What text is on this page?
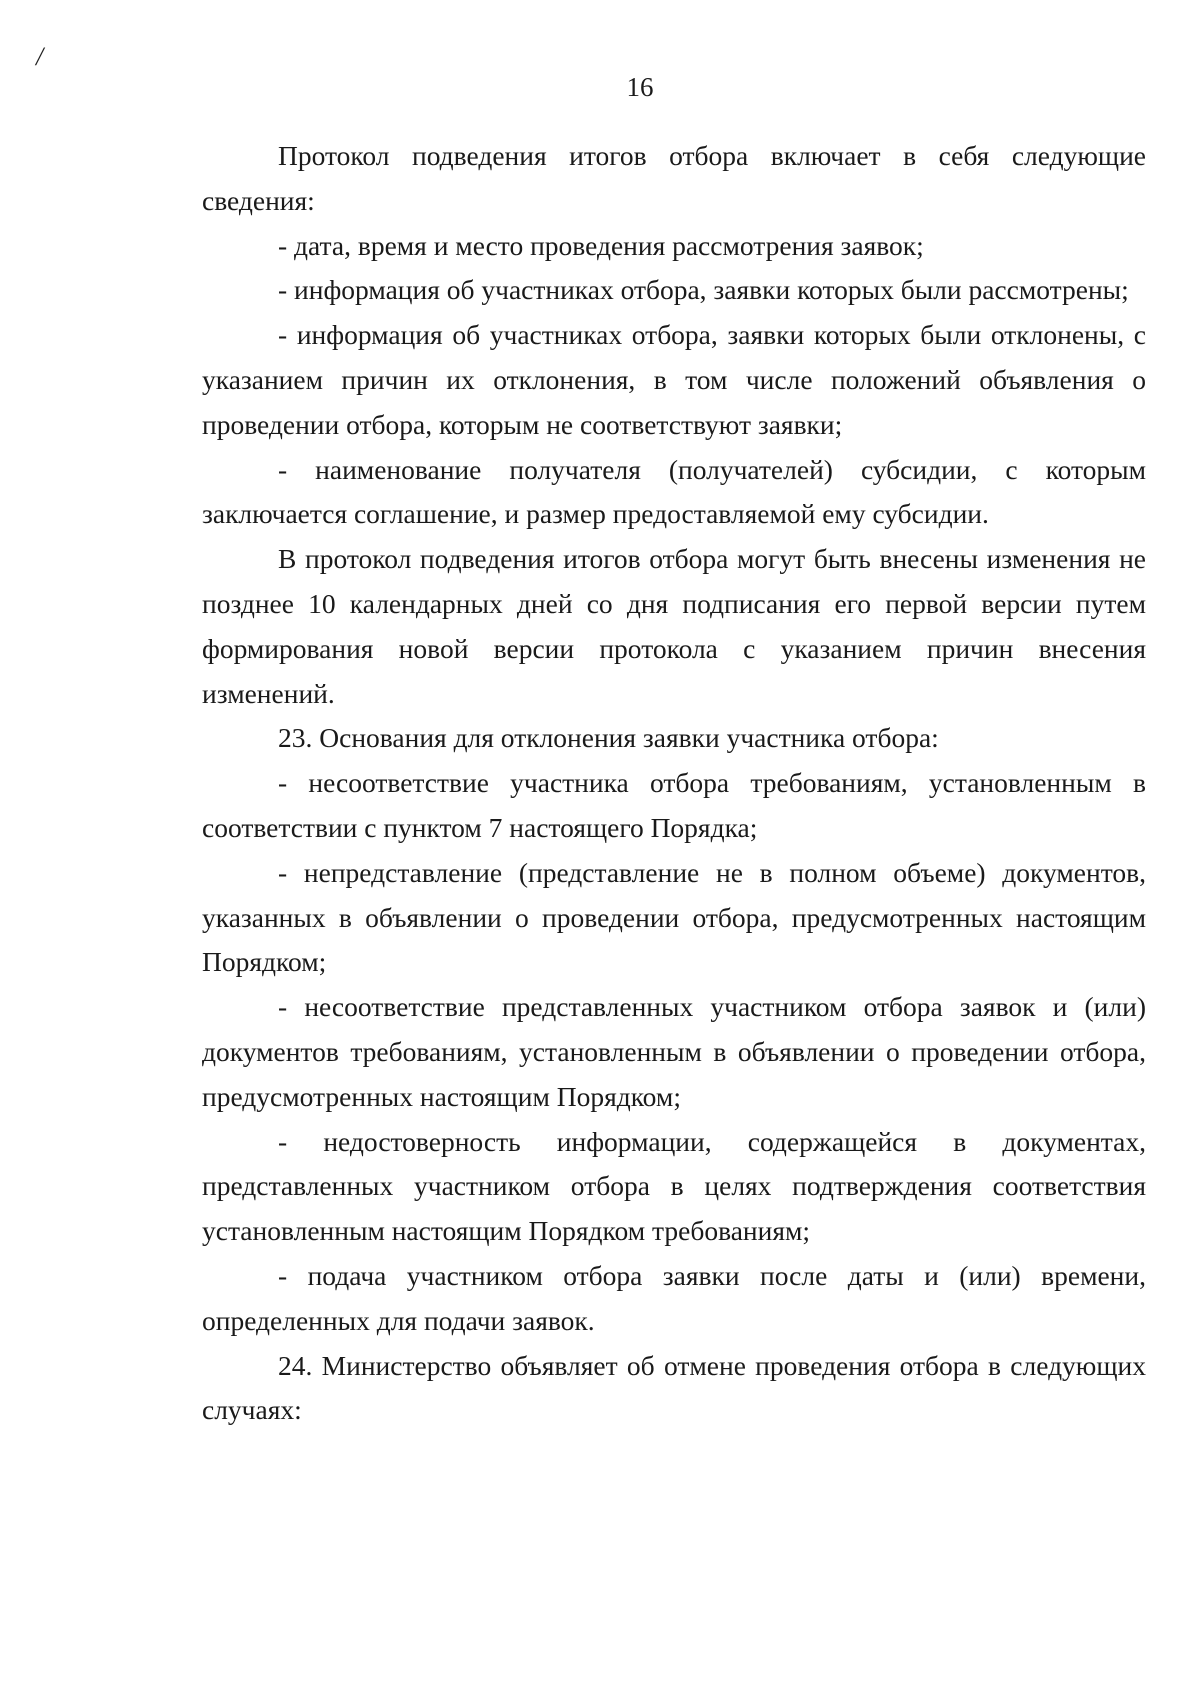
/
16

Протокол подведения итогов отбора включает в себя следующие сведения:

- дата, время и место проведения рассмотрения заявок;

- информация об участниках отбора, заявки которых были рассмотрены;

- информация об участниках отбора, заявки которых были отклонены, с указанием причин их отклонения, в том числе положений объявления о проведении отбора, которым не соответствуют заявки;

- наименование получателя (получателей) субсидии, с которым заключается соглашение, и размер предоставляемой ему субсидии.

В протокол подведения итогов отбора могут быть внесены изменения не позднее 10 календарных дней со дня подписания его первой версии путем формирования новой версии протокола с указанием причин внесения изменений.

23. Основания для отклонения заявки участника отбора:

- несоответствие участника отбора требованиям, установленным в соответствии с пунктом 7 настоящего Порядка;

- непредставление (представление не в полном объеме) документов, указанных в объявлении о проведении отбора, предусмотренных настоящим Порядком;

- несоответствие представленных участником отбора заявок и (или) документов требованиям, установленным в объявлении о проведении отбора, предусмотренных настоящим Порядком;

- недостоверность информации, содержащейся в документах, представленных участником отбора в целях подтверждения соответствия установленным настоящим Порядком требованиям;

- подача участником отбора заявки после даты и (или) времени, определенных для подачи заявок.

24. Министерство объявляет об отмене проведения отбора в следующих случаях:
